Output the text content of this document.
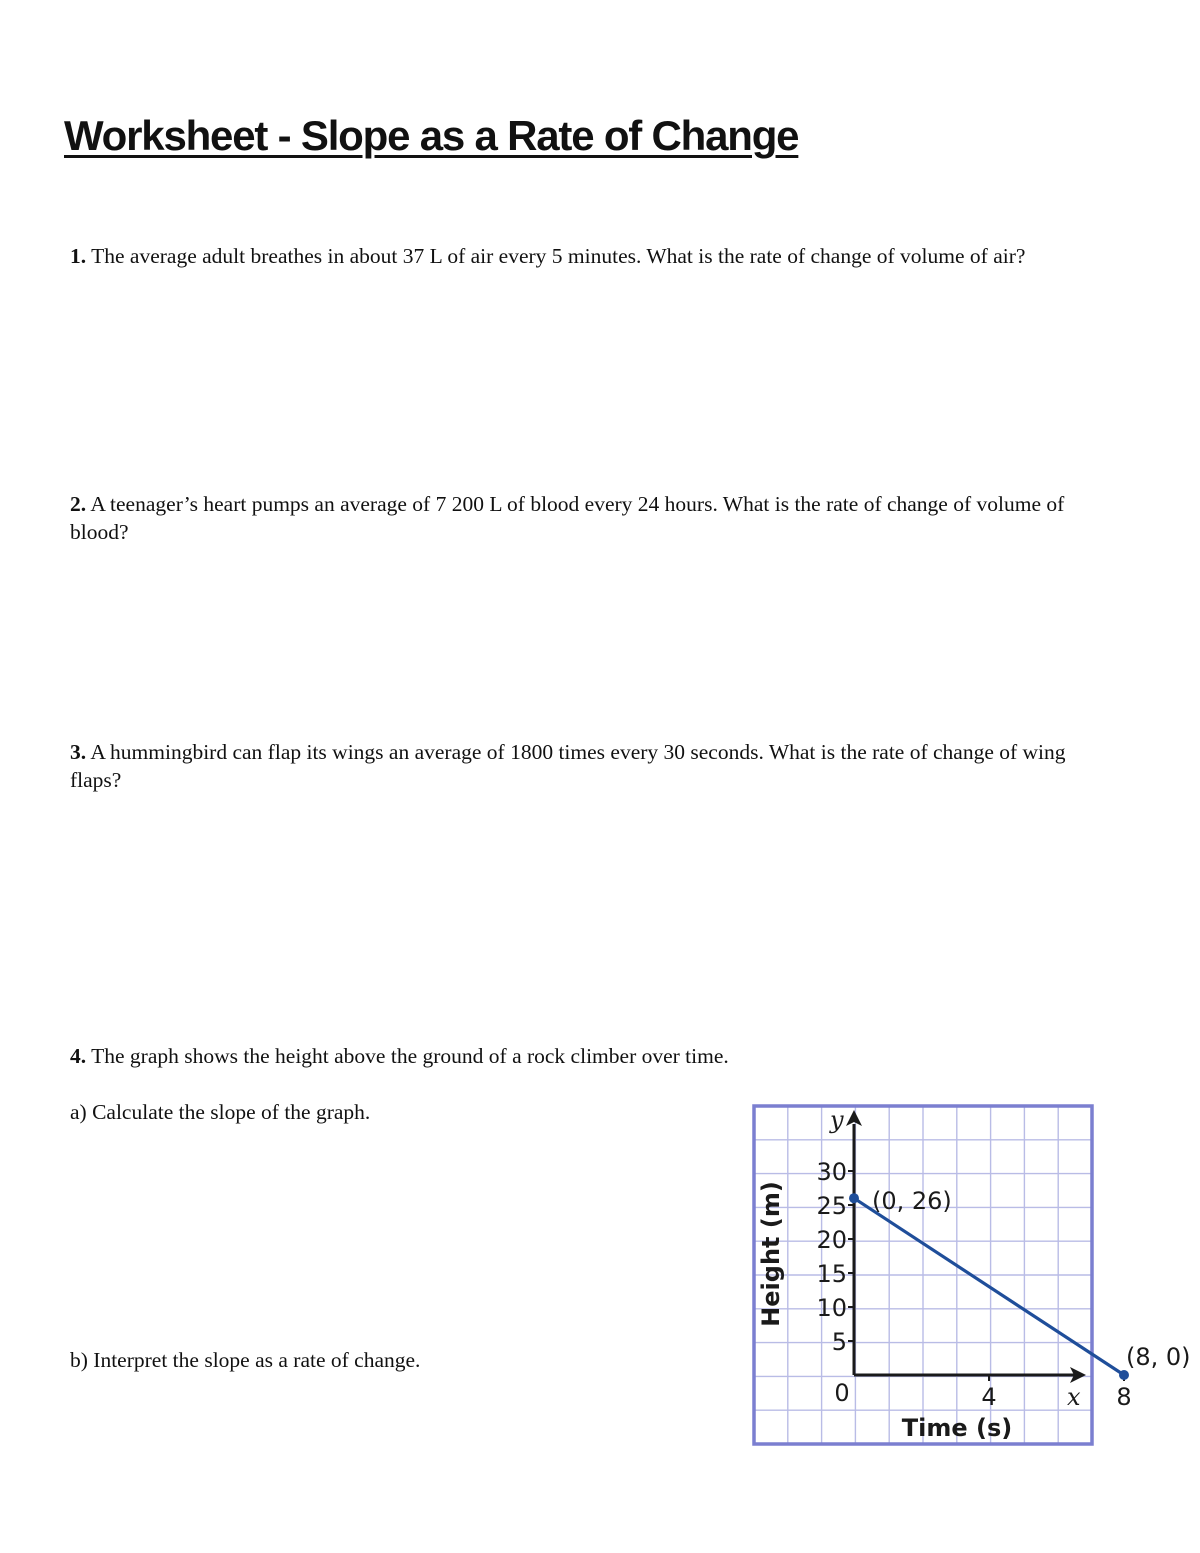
Worksheet - Slope as a Rate of Change

1. The average adult breathes in about 37 L of air every 5 minutes. What is the rate of change of volume of air?

2. A teenager’s heart pumps an average of 7 200 L of blood every 24 hours. What is the rate of change of volume of blood?

3. A hummingbird can flap its wings an average of 1800 times every 30 seconds. What is the rate of change of wing flaps?

4. The graph shows the height above the ground of a rock climber over time.

a) Calculate the slope of the graph.

b) Interpret the slope as a rate of change.

x
y
5
10
15
20
25
30
4	8
0
Time (s)
Height (m)	(0, 26)
(8, 0)
